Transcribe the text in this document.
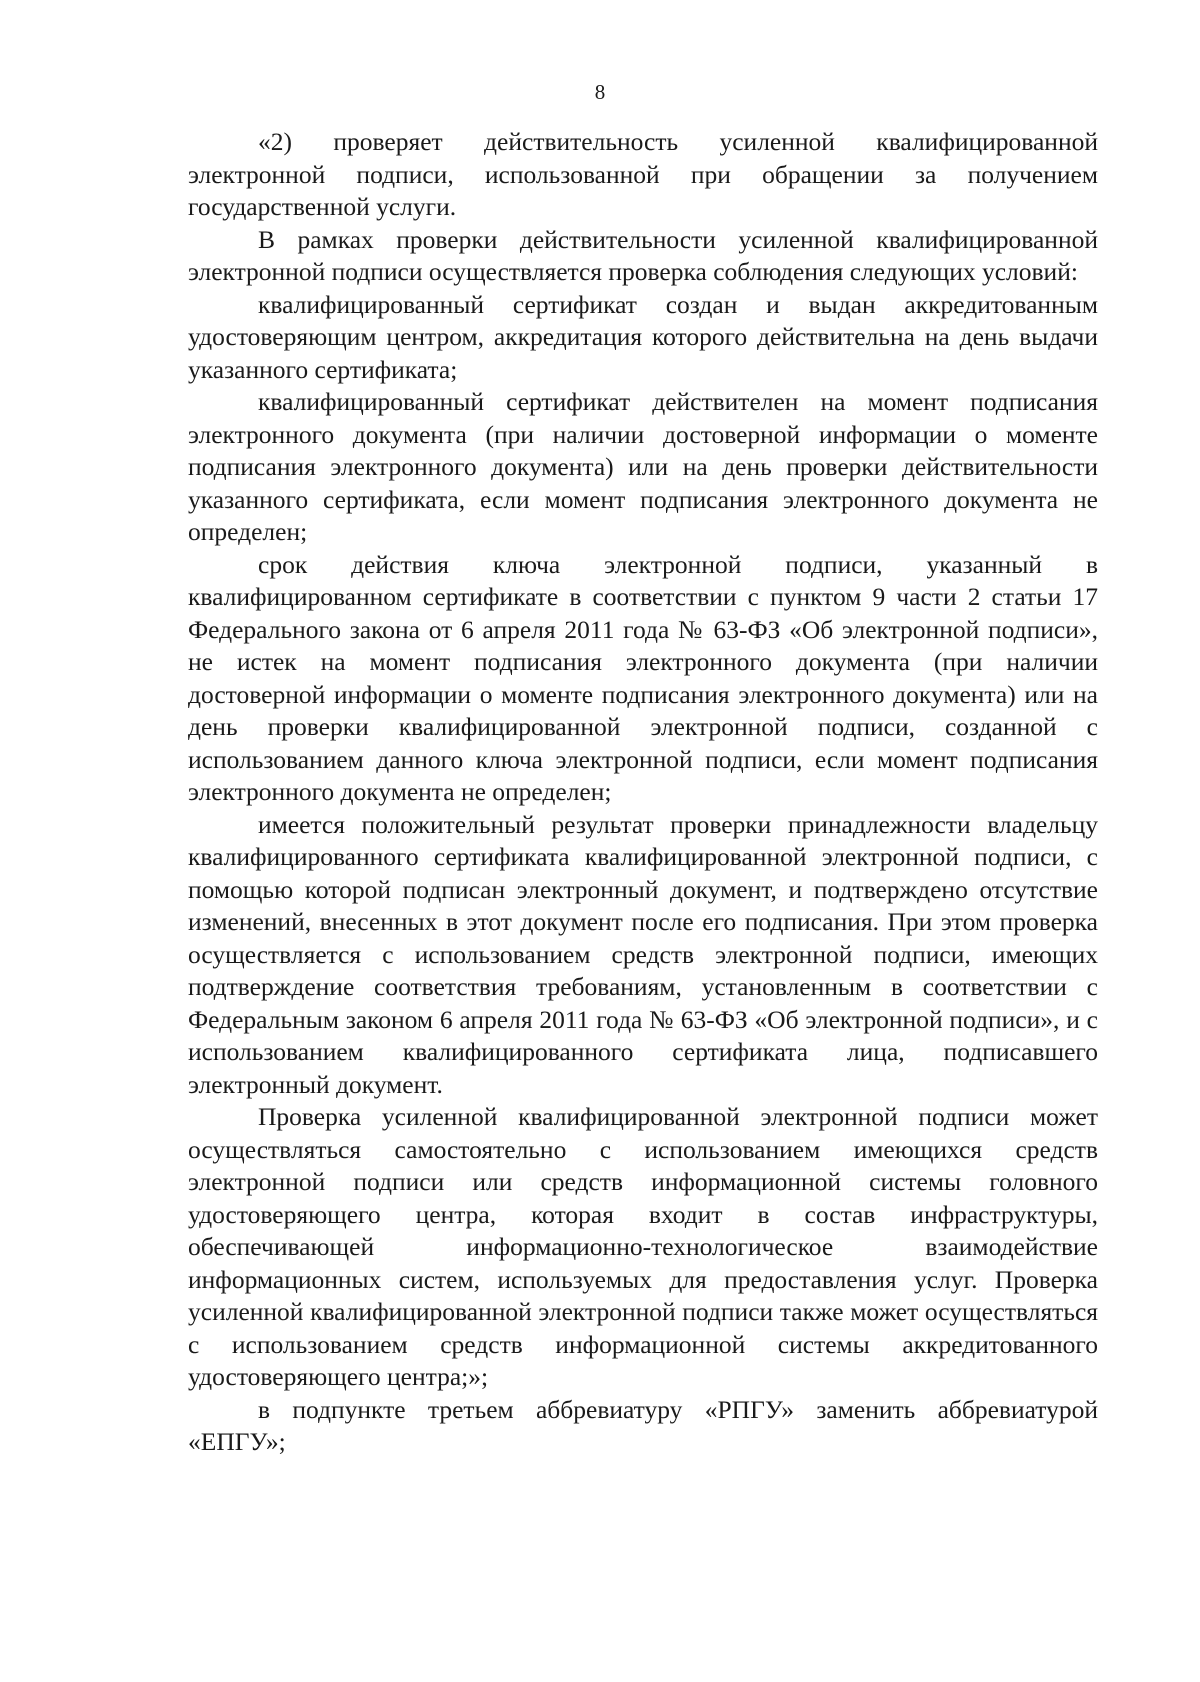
8

«2) проверяет действительность усиленной квалифицированной электронной подписи, использованной при обращении за получением государственной услуги.

В рамках проверки действительности усиленной квалифицированной электронной подписи осуществляется проверка соблюдения следующих условий:

квалифицированный сертификат создан и выдан аккредитованным удостоверяющим центром, аккредитация которого действительна на день выдачи указанного сертификата;

квалифицированный сертификат действителен на момент подписания электронного документа (при наличии достоверной информации о моменте подписания электронного документа) или на день проверки действительности указанного сертификата, если момент подписания электронного документа не определен;

срок действия ключа электронной подписи, указанный в квалифицированном сертификате в соответствии с пунктом 9 части 2 статьи 17 Федерального закона от 6 апреля 2011 года № 63-ФЗ «Об электронной подписи», не истек на момент подписания электронного документа (при наличии достоверной информации о моменте подписания электронного документа) или на день проверки квалифицированной электронной подписи, созданной с использованием данного ключа электронной подписи, если момент подписания электронного документа не определен;

имеется положительный результат проверки принадлежности владельцу квалифицированного сертификата квалифицированной электронной подписи, с помощью которой подписан электронный документ, и подтверждено отсутствие изменений, внесенных в этот документ после его подписания. При этом проверка осуществляется с использованием средств электронной подписи, имеющих подтверждение соответствия требованиям, установленным в соответствии с Федеральным законом 6 апреля 2011 года № 63-ФЗ «Об электронной подписи», и с использованием квалифицированного сертификата лица, подписавшего электронный документ.

Проверка усиленной квалифицированной электронной подписи может осуществляться самостоятельно с использованием имеющихся средств электронной подписи или средств информационной системы головного удостоверяющего центра, которая входит в состав инфраструктуры, обеспечивающей информационно-технологическое взаимодействие информационных систем, используемых для предоставления услуг. Проверка усиленной квалифицированной электронной подписи также может осуществляться с использованием средств информационной системы аккредитованного удостоверяющего центра;»;

в подпункте третьем аббревиатуру «РПГУ» заменить аббревиатурой «ЕПГУ»;
